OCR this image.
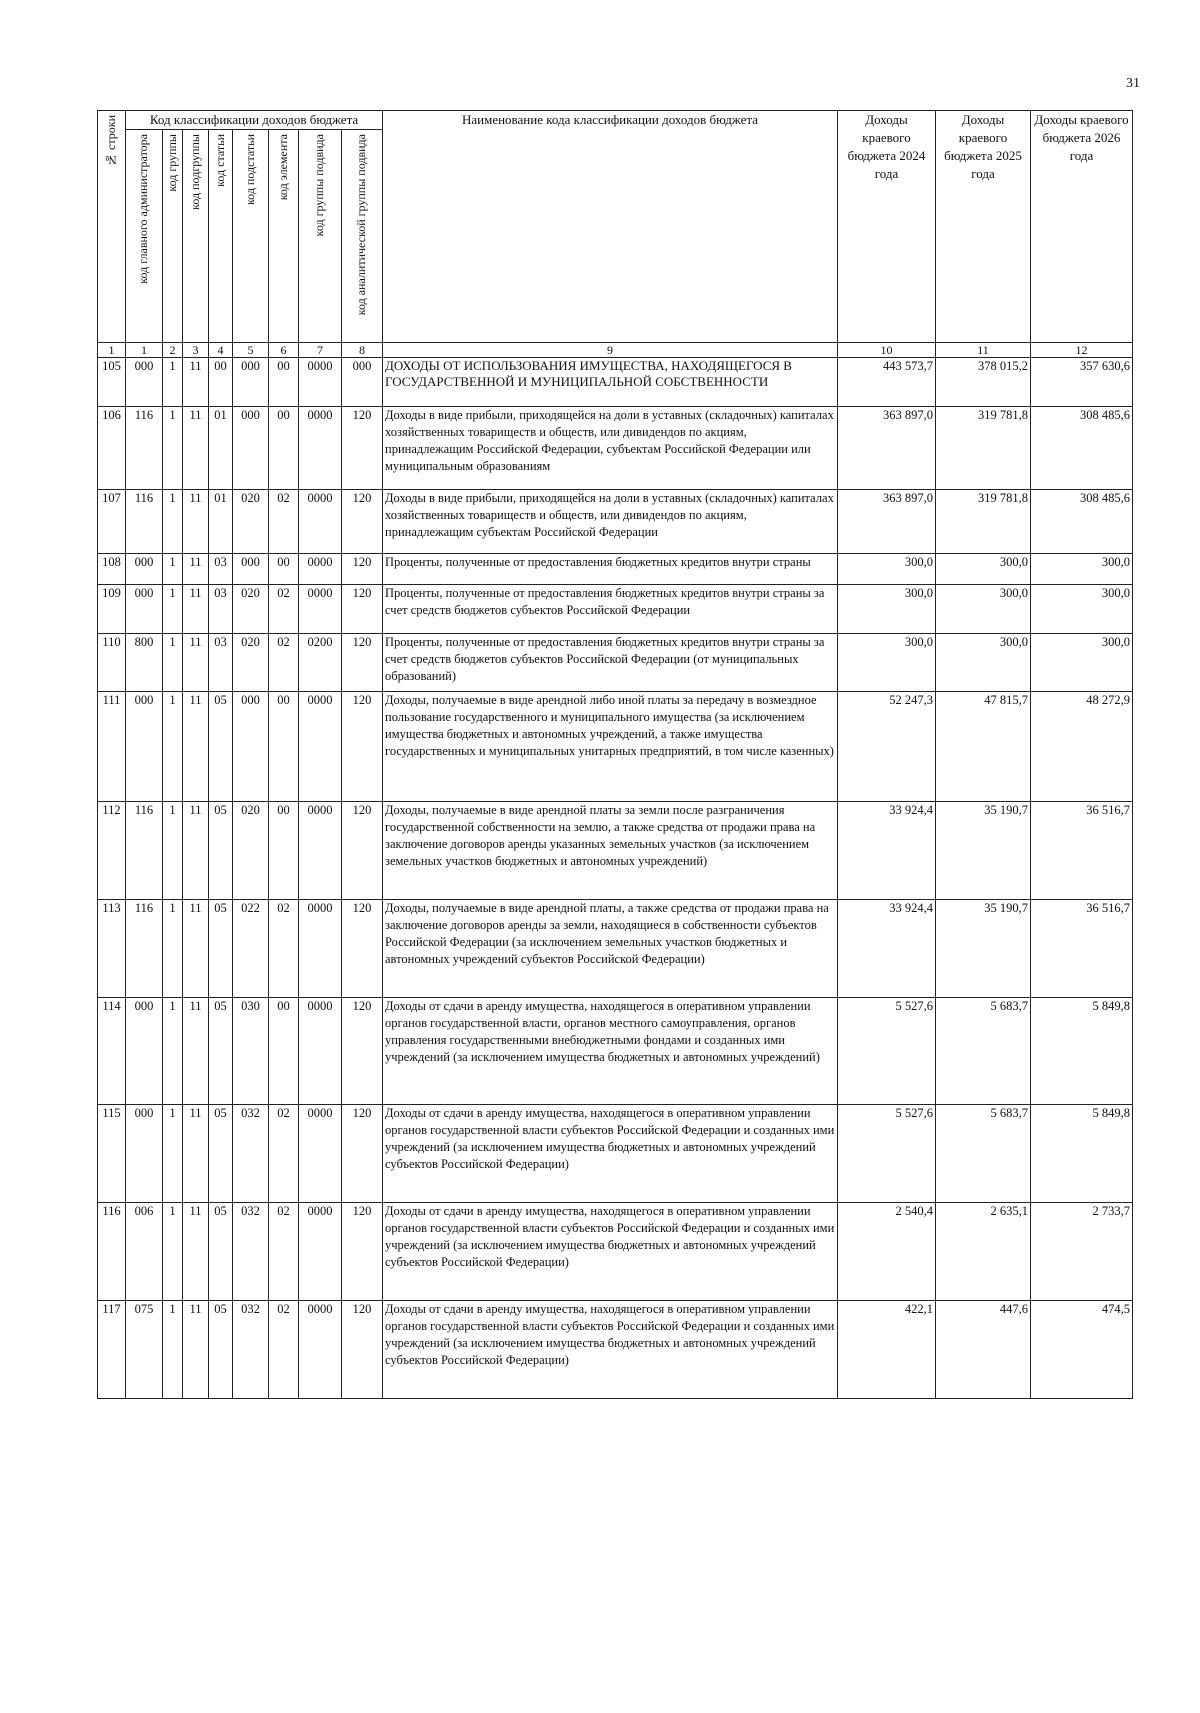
31
№ строки	Код классификации доходов бюджета								Наименование кода классификации доходов бюджета	Доходы краевого бюджета 2024 года	Доходы краевого бюджета 2025 года	Доходы краевого бюджета 2026 года

	код главного администратора	код группы	код подгруппы	код статьи	код подстатьи	код элемента	код группы подвида	код аналитической группы подвида				

1	1	2	3	4	5	6	7	8	9	10	11	12
105	000	1	11	00	000	00	0000	000	ДОХОДЫ ОТ ИСПОЛЬЗОВАНИЯ ИМУЩЕСТВА, НАХОДЯЩЕГОСЯ В ГОСУДАРСТВЕННОЙ И МУНИЦИПАЛЬНОЙ СОБСТВЕННОСТИ	443 573,7	378 015,2	357 630,6
106	116	1	11	01	000	00	0000	120	Доходы в виде прибыли, приходящейся на доли в уставных (складочных) капиталах хозяйственных товариществ и обществ, или дивидендов по акциям, принадлежащим Российской Федерации, субъектам Российской Федерации или муниципальным образованиям	363 897,0	319 781,8	308 485,6
107	116	1	11	01	020	02	0000	120	Доходы в виде прибыли, приходящейся на доли в уставных (складочных) капиталах хозяйственных товариществ и обществ, или дивидендов по акциям, принадлежащим субъектам Российской Федерации	363 897,0	319 781,8	308 485,6
108	000	1	11	03	000	00	0000	120	Проценты, полученные от предоставления бюджетных кредитов внутри страны	300,0	300,0	300,0
109	000	1	11	03	020	02	0000	120	Проценты, полученные от предоставления бюджетных кредитов внутри страны за счет средств бюджетов субъектов Российской Федерации	300,0	300,0	300,0
110	800	1	11	03	020	02	0200	120	Проценты, полученные от предоставления бюджетных кредитов внутри страны за счет средств бюджетов субъектов Российской Федерации (от муниципальных образований)	300,0	300,0	300,0
111	000	1	11	05	000	00	0000	120	Доходы, получаемые в виде арендной либо иной платы за передачу в возмездное пользование государственного и муниципального имущества (за исключением имущества бюджетных и автономных учреждений, а также имущества государственных и муниципальных унитарных предприятий, в том числе казенных)	52 247,3	47 815,7	48 272,9
112	116	1	11	05	020	00	0000	120	Доходы, получаемые в виде арендной платы за земли после разграничения государственной собственности на землю, а также средства от продажи права на заключение договоров аренды указанных земельных участков (за исключением земельных участков бюджетных и автономных учреждений)	33 924,4	35 190,7	36 516,7
113	116	1	11	05	022	02	0000	120	Доходы, получаемые в виде арендной платы, а также средства от продажи права на заключение договоров аренды за земли, находящиеся в собственности субъектов Российской Федерации (за исключением земельных участков бюджетных и автономных учреждений субъектов Российской Федерации)	33 924,4	35 190,7	36 516,7
114	000	1	11	05	030	00	0000	120	Доходы от сдачи в аренду имущества, находящегося в оперативном управлении органов государственной власти, органов местного самоуправления, органов управления государственными внебюджетными фондами и созданных ими учреждений (за исключением имущества бюджетных и автономных учреждений)	5 527,6	5 683,7	5 849,8
115	000	1	11	05	032	02	0000	120	Доходы от сдачи в аренду имущества, находящегося в оперативном управлении органов государственной власти субъектов Российской Федерации и созданных ими учреждений (за исключением имущества бюджетных и автономных учреждений субъектов Российской Федерации)	5 527,6	5 683,7	5 849,8
116	006	1	11	05	032	02	0000	120	Доходы от сдачи в аренду имущества, находящегося в оперативном управлении органов государственной власти субъектов Российской Федерации и созданных ими учреждений (за исключением имущества бюджетных и автономных учреждений субъектов Российской Федерации)	2 540,4	2 635,1	2 733,7
117	075	1	11	05	032	02	0000	120	Доходы от сдачи в аренду имущества, находящегося в оперативном управлении органов государственной власти субъектов Российской Федерации и созданных ими учреждений (за исключением имущества бюджетных и автономных учреждений субъектов Российской Федерации)	422,1	447,6	474,5
